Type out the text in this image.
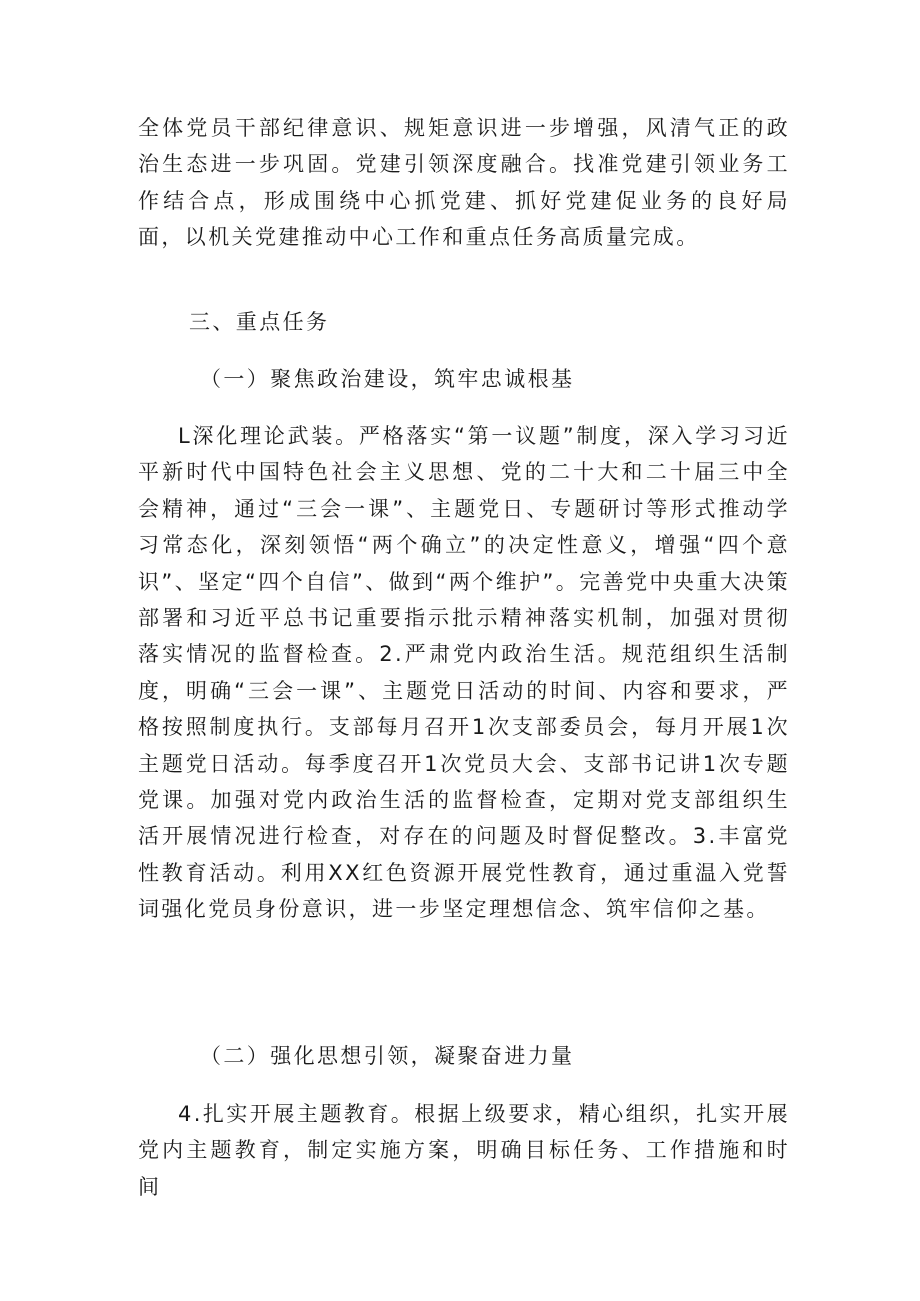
全体党员干部纪律意识、规矩意识进一步增强，风清气正的政治生态进一步巩固。党建引领深度融合。找准党建引领业务工作结合点，形成围绕中心抓党建、抓好党建促业务的良好局面，以机关党建推动中心工作和重点任务高质量完成。
三、重点任务
（一）聚焦政治建设，筑牢忠诚根基
L深化理论武装。严格落实“第一议题”制度，深入学习习近平新时代中国特色社会主义思想、党的二十大和二十届三中全会精神，通过“三会一课”、主题党日、专题研讨等形式推动学习常态化，深刻领悟“两个确立”的决定性意义，增强“四个意识”、坚定“四个自信”、做到“两个维护”。完善党中央重大决策部署和习近平总书记重要指示批示精神落实机制，加强对贯彻落实情况的监督检查。2.严肃党内政治生活。规范组织生活制度，明确“三会一课”、主题党日活动的时间、内容和要求，严格按照制度执行。支部每月召开1次支部委员会，每月开展1次主题党日活动。每季度召开1次党员大会、支部书记讲1次专题党课。加强对党内政治生活的监督检查，定期对党支部组织生活开展情况进行检查，对存在的问题及时督促整改。3.丰富党性教育活动。利用XX红色资源开展党性教育，通过重温入党誓词强化党员身份意识，进一步坚定理想信念、筑牢信仰之基。
（二）强化思想引领，凝聚奋进力量
4.扎实开展主题教育。根据上级要求，精心组织，扎实开展党内主题教育，制定实施方案，明确目标任务、工作措施和时间
